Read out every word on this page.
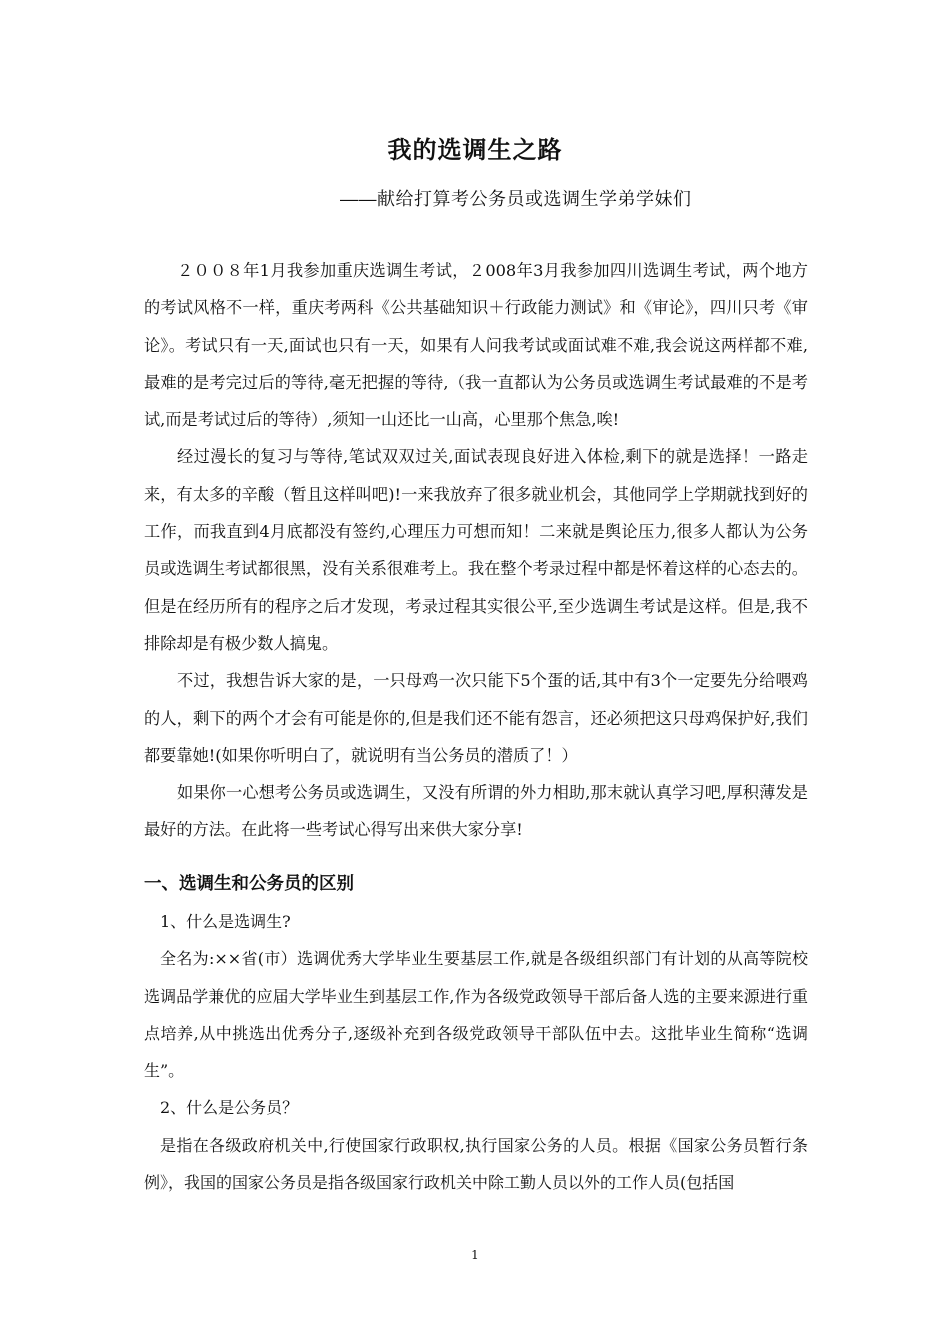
我的选调生之路

――献给打算考公务员或选调生学弟学妹们

２００８年1月我参加重庆选调生考试，２008年3月我参加四川选调生考试，两个地方的考试风格不一样，重庆考两科《公共基础知识＋行政能力测试》和《审论》，四川只考《审论》。考试只有一天,面试也只有一天，如果有人问我考试或面试难不难,我会说这两样都不难,最难的是考完过后的等待,毫无把握的等待,（我一直都认为公务员或选调生考试最难的不是考试,而是考试过后的等待）,须知一山还比一山高，心里那个焦急,唉!

经过漫长的复习与等待,笔试双双过关,面试表现良好进入体检,剩下的就是选择！一路走来，有太多的辛酸（暂且这样叫吧)!一来我放弃了很多就业机会，其他同学上学期就找到好的工作，而我直到4月底都没有签约,心理压力可想而知！二来就是舆论压力,很多人都认为公务员或选调生考试都很黑，没有关系很难考上。我在整个考录过程中都是怀着这样的心态去的。但是在经历所有的程序之后才发现，考录过程其实很公平,至少选调生考试是这样。但是,我不排除却是有极少数人搞鬼。

不过，我想告诉大家的是，一只母鸡一次只能下5个蛋的话,其中有3个一定要先分给喂鸡的人，剩下的两个才会有可能是你的,但是我们还不能有怨言，还必须把这只母鸡保护好,我们都要靠她!(如果你听明白了，就说明有当公务员的潜质了！）

如果你一心想考公务员或选调生，又没有所谓的外力相助,那末就认真学习吧,厚积薄发是最好的方法。在此将一些考试心得写出来供大家分享!

一、选调生和公务员的区别

1、什么是选调生?

全名为:××省(市）选调优秀大学毕业生要基层工作,就是各级组织部门有计划的从高等院校选调品学兼优的应届大学毕业生到基层工作,作为各级党政领导干部后备人选的主要来源进行重点培养,从中挑选出优秀分子,逐级补充到各级党政领导干部队伍中去。这批毕业生简称“选调生”。

2、什么是公务员？

是指在各级政府机关中,行使国家行政职权,执行国家公务的人员。根据《国家公务员暂行条例》，我国的国家公务员是指各级国家行政机关中除工勤人员以外的工作人员(包括国

1
